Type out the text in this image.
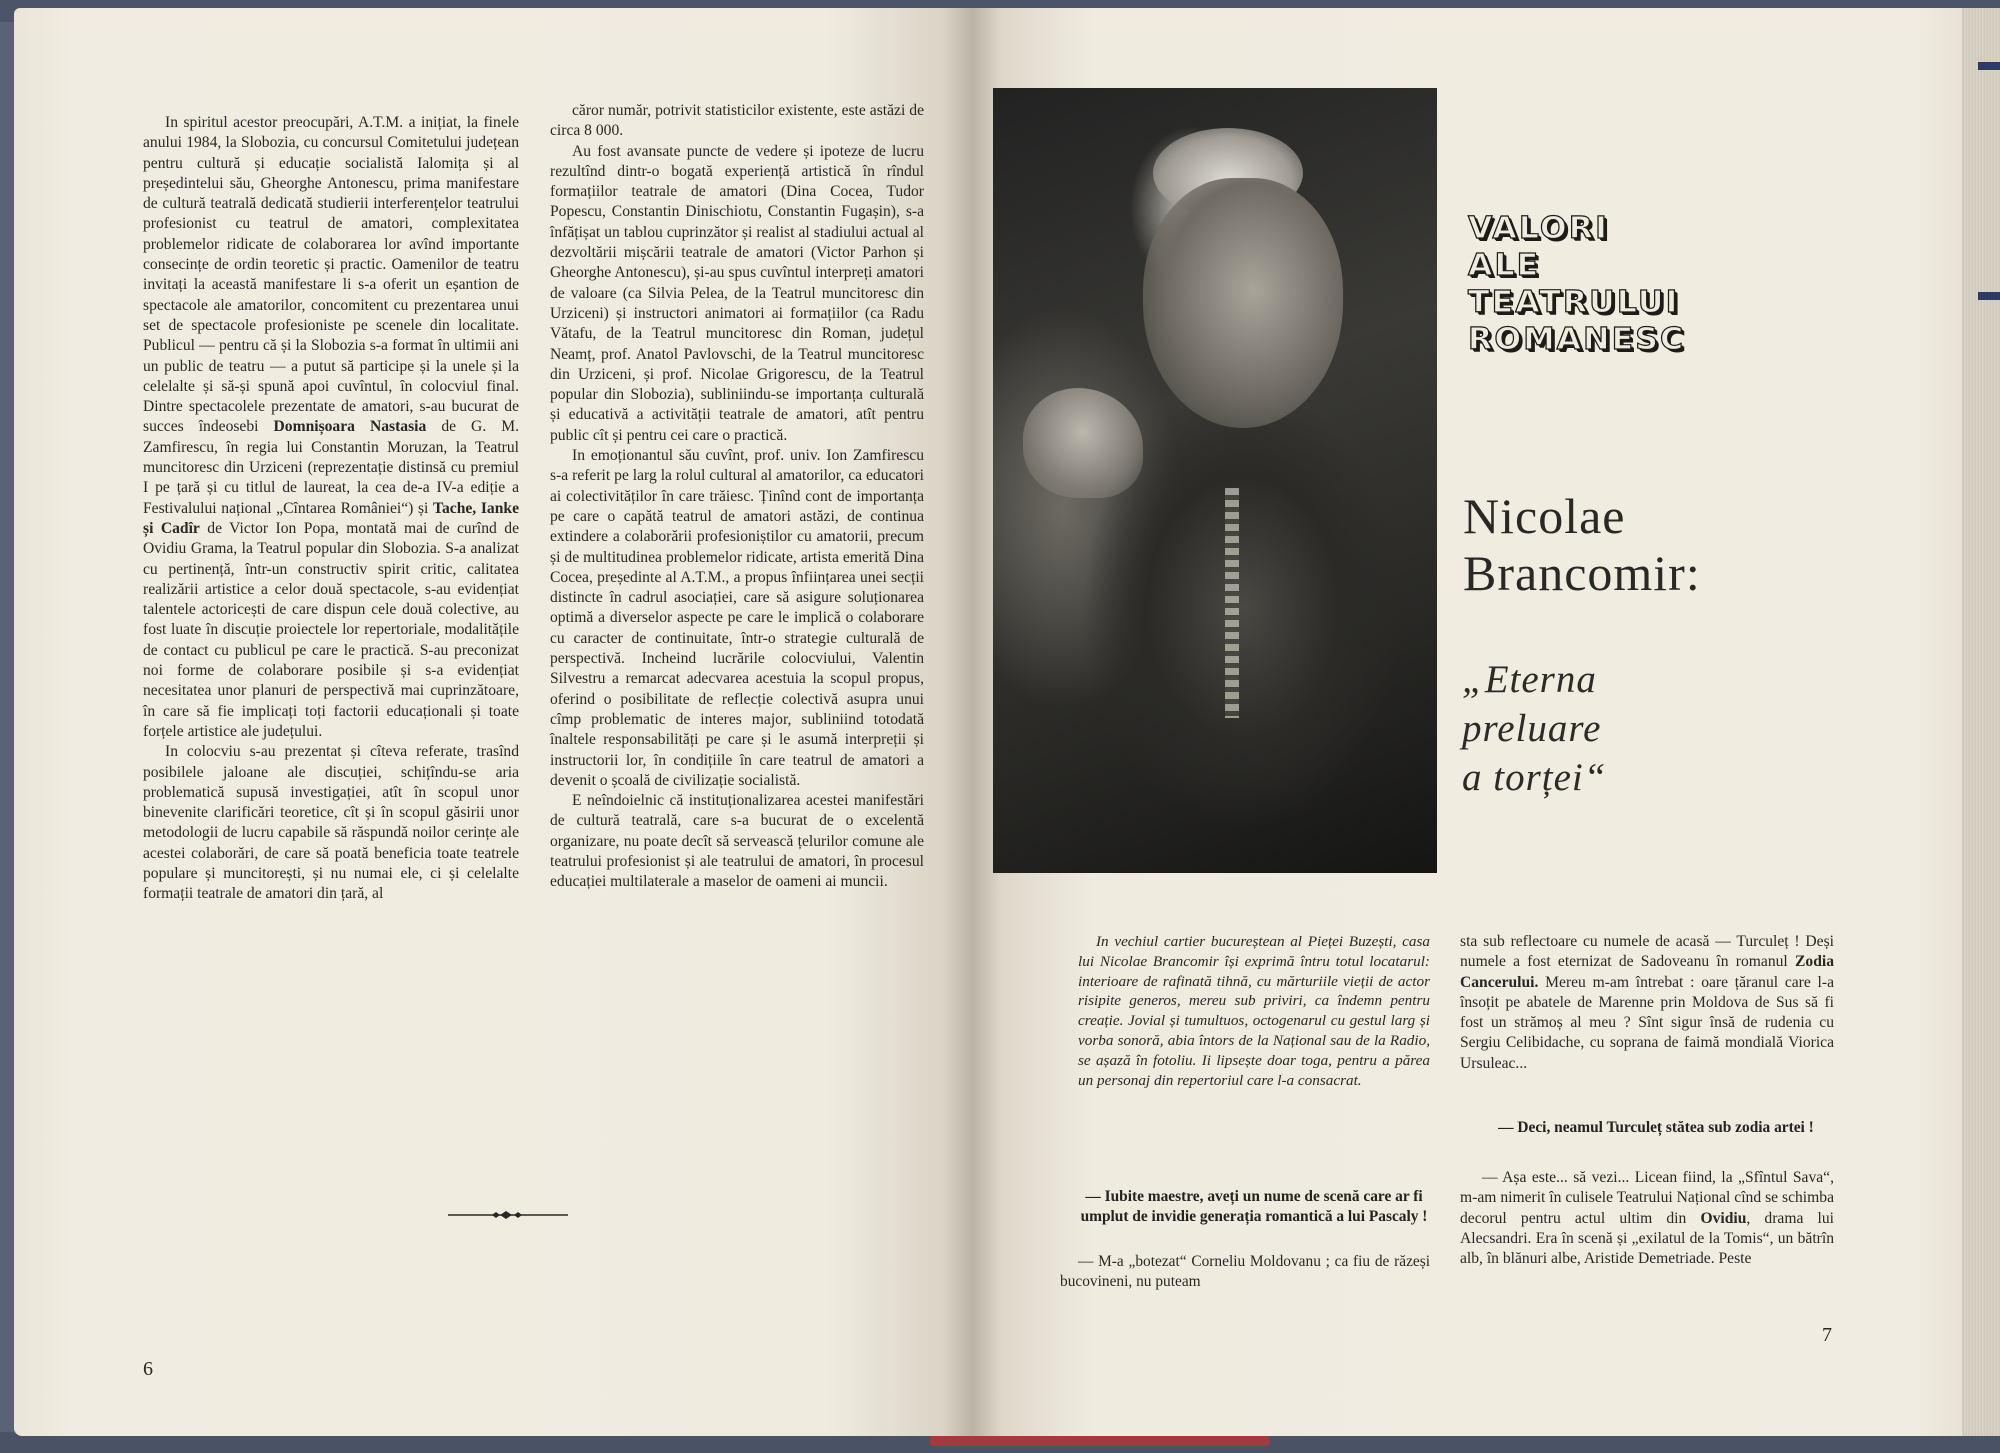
In spiritul acestor preocupări, A.T.M. a inițiat, la finele anului 1984, la Slobozia, cu concursul Comitetului județean pentru cultură și educație socialistă Ialomița și al președintelui său, Gheorghe Antonescu, prima manifestare de cultură teatrală dedicată studierii interferențelor teatrului profesionist cu teatrul de amatori, complexitatea problemelor ridicate de colaborarea lor avînd importante consecințe de ordin teoretic și practic. Oamenilor de teatru invitați la această manifestare li s-a oferit un eșantion de spectacole ale amatorilor, concomitent cu prezentarea unui set de spectacole profesioniste pe scenele din localitate. Publicul — pentru că și la Slobozia s-a format în ultimii ani un public de teatru — a putut să participe și la unele și la celelalte și să-și spună apoi cuvîntul, în colocviul final. Dintre spectacolele prezentate de amatori, s-au bucurat de succes îndeosebi Domnișoara Nastasia de G. M. Zamfirescu, în regia lui Constantin Moruzan, la Teatrul muncitoresc din Urziceni (reprezentație distinsă cu premiul I pe țară și cu titlul de laureat, la cea de-a IV-a ediție a Festivalului național „Cîntarea României“) și Tache, Ianke și Cadîr de Victor Ion Popa, montată mai de curînd de Ovidiu Grama, la Teatrul popular din Slobozia. S-a analizat cu pertinență, într-un constructiv spirit critic, calitatea realizării artistice a celor două spectacole, s-au evidențiat talentele actoricești de care dispun cele două colective, au fost luate în discuție proiectele lor repertoriale, modalitățile de contact cu publicul pe care le practică. S-au preconizat noi forme de colaborare posibile și s-a evidențiat necesitatea unor planuri de perspectivă mai cuprinzătoare, în care să fie implicați toți factorii educaționali și toate forțele artistice ale județului.

In colocviu s-au prezentat și cîteva referate, trasînd posibilele jaloane ale discuției, schițîndu-se aria problematică supusă investigației, atît în scopul unor binevenite clarificări teoretice, cît și în scopul găsirii unor metodologii de lucru capabile să răspundă noilor cerințe ale acestei colaborări, de care să poată beneficia toate teatrele populare și muncitorești, și nu numai ele, ci și celelalte formații teatrale de amatori din țară, al

căror număr, potrivit statisticilor existente, este astăzi de circa 8 000.

Au fost avansate puncte de vedere și ipoteze de lucru rezultînd dintr-o bogată experiență artistică în rîndul formațiilor teatrale de amatori (Dina Cocea, Tudor Popescu, Constantin Dinischiotu, Constantin Fugașin), s-a înfățișat un tablou cuprinzător și realist al stadiului actual al dezvoltării mișcării teatrale de amatori (Victor Parhon și Gheorghe Antonescu), și-au spus cuvîntul interpreți amatori de valoare (ca Silvia Pelea, de la Teatrul muncitoresc din Urziceni) și instructori animatori ai formațiilor (ca Radu Vătafu, de la Teatrul muncitoresc din Roman, județul Neamț, prof. Anatol Pavlovschi, de la Teatrul muncitoresc din Urziceni, și prof. Nicolae Grigorescu, de la Teatrul popular din Slobozia), subliniindu-se importanța culturală și educativă a activității teatrale de amatori, atît pentru public cît și pentru cei care o practică.

In emoționantul său cuvînt, prof. univ. Ion Zamfirescu s-a referit pe larg la rolul cultural al amatorilor, ca educatori ai colectivităților în care trăiesc. Ținînd cont de importanța pe care o capătă teatrul de amatori astăzi, de continua extindere a colaborării profesioniștilor cu amatorii, precum și de multitudinea problemelor ridicate, artista emerită Dina Cocea, președinte al A.T.M., a propus înființarea unei secții distincte în cadrul asociației, care să asigure soluționarea optimă a diverselor aspecte pe care le implică o colaborare cu caracter de continuitate, într-o strategie culturală de perspectivă. Incheind lucrările colocviului, Valentin Silvestru a remarcat adecvarea acestuia la scopul propus, oferind o posibilitate de reflecție colectivă asupra unui cîmp problematic de interes major, subliniind totodată înaltele responsabilități pe care și le asumă interpreții și instructorii lor, în condițiile în care teatrul de amatori a devenit o școală de civilizație socialistă.

E neîndoielnic că instituționalizarea acestei manifestări de cultură teatrală, care s-a bucurat de o excelentă organizare, nu poate decît să servească țelurilor comune ale teatrului profesionist și ale teatrului de amatori, în procesul educației multilaterale a maselor de oameni ai muncii.

6
VALORI
ALE
TEATRULUI
ROMANESC
Nicolae
Brancomir:
„Eterna
preluare
a torței“

In vechiul cartier bucureștean al Pieței Buzești, casa lui Nicolae Brancomir își exprimă întru totul locatarul: interioare de rafinată tihnă, cu mărturiile vieții de actor risipite generos, mereu sub priviri, ca îndemn pentru creație. Jovial și tumultuos, octogenarul cu gestul larg și vorba sonoră, abia întors de la Național sau de la Radio, se așază în fotoliu. Ii lipsește doar toga, pentru a părea un personaj din repertoriul care l-a consacrat.

— Iubite maestre, aveți un nume de scenă care ar fi umplut de invidie generația romantică a lui Pascaly !

— M-a „botezat“ Corneliu Moldovanu ; ca fiu de răzeși bucovineni, nu puteam

sta sub reflectoare cu numele de acasă — Turculeț ! Deși numele a fost eternizat de Sadoveanu în romanul Zodia Cancerului. Mereu m-am întrebat : oare țăranul care l-a însoțit pe abatele de Marenne prin Moldova de Sus să fi fost un strămoș al meu ? Sînt sigur însă de rudenia cu Sergiu Celibidache, cu soprana de faimă mondială Viorica Ursuleac...

— Deci, neamul Turculeț stătea sub zodia artei !

— Așa este... să vezi... Licean fiind, la „Sfîntul Sava“, m-am nimerit în culisele Teatrului Național cînd se schimba decorul pentru actul ultim din Ovidiu, drama lui Alecsandri. Era în scenă și „exilatul de la Tomis“, un bătrîn alb, în blănuri albe, Aristide Demetriade. Peste

7
